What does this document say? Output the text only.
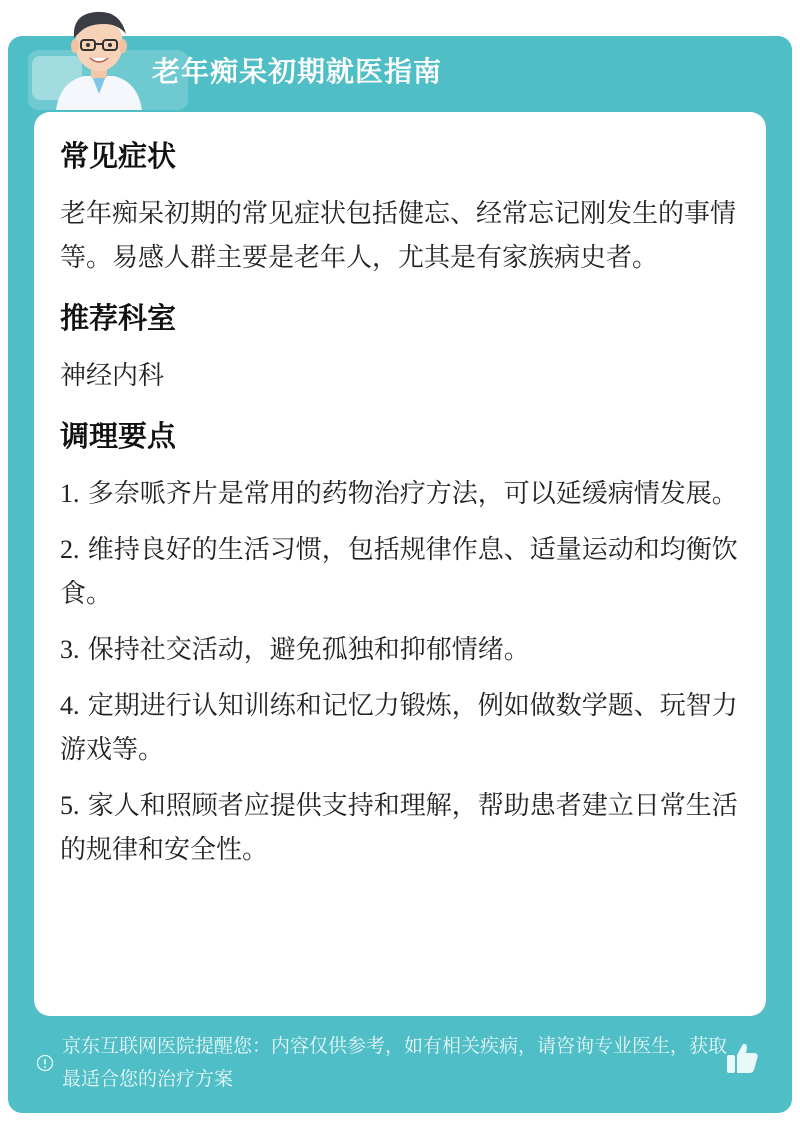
老年痴呆初期就医指南
常见症状
老年痴呆初期的常见症状包括健忘、经常忘记刚发生的事情等。易感人群主要是老年人，尤其是有家族病史者。
推荐科室
神经内科
调理要点
1. 多奈哌齐片是常用的药物治疗方法，可以延缓病情发展。
2. 维持良好的生活习惯，包括规律作息、适量运动和均衡饮食。
3. 保持社交活动，避免孤独和抑郁情绪。
4. 定期进行认知训练和记忆力锻炼，例如做数学题、玩智力游戏等。
5. 家人和照顾者应提供支持和理解，帮助患者建立日常生活的规律和安全性。
京东互联网医院提醒您：内容仅供参考，如有相关疾病，请咨询专业医生，获取最适合您的治疗方案
